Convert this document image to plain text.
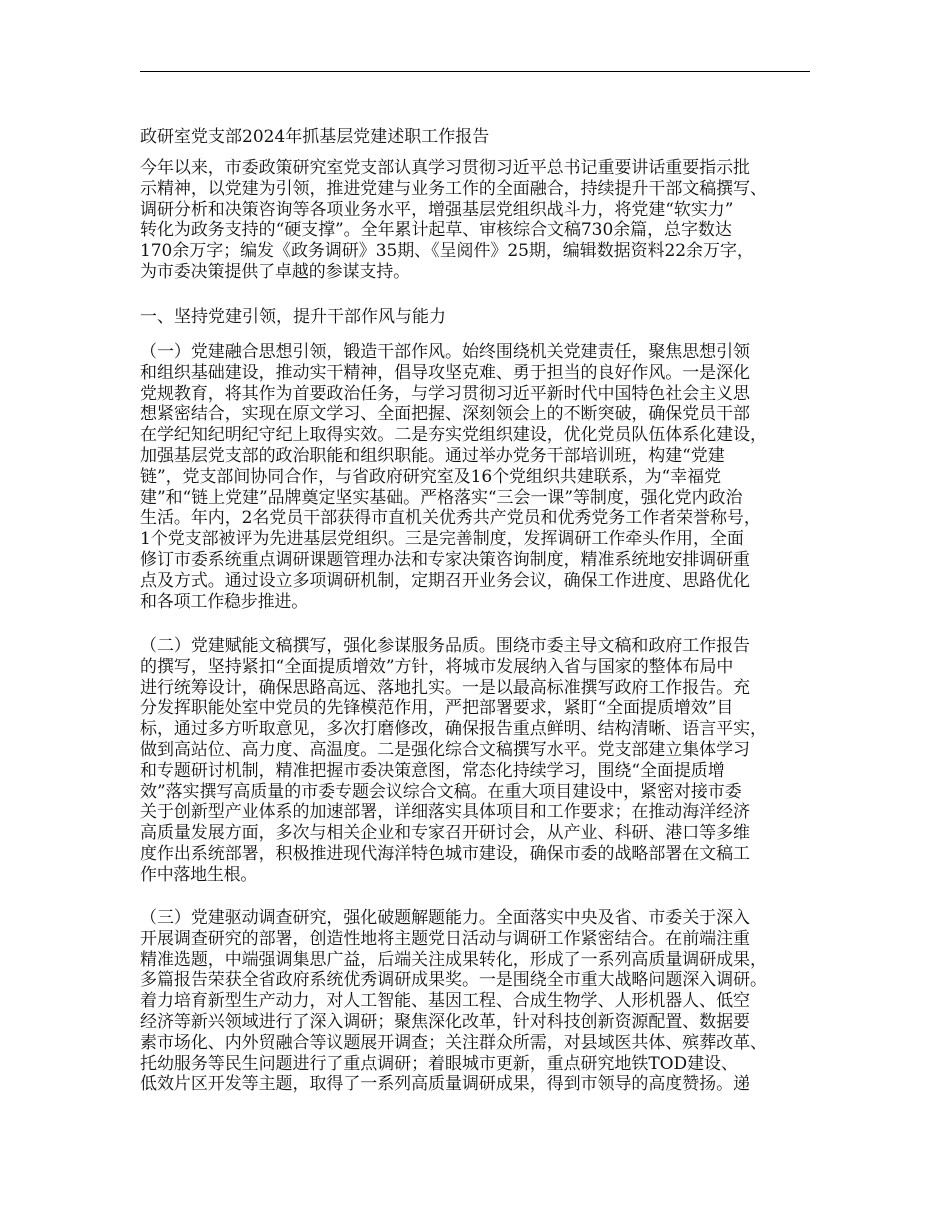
政研室党支部2024年抓基层党建述职工作报告
今年以来，市委政策研究室党支部认真学习贯彻习近平总书记重要讲话重要指示批
示精神，以党建为引领，推进党建与业务工作的全面融合，持续提升干部文稿撰写、
调研分析和决策咨询等各项业务水平，增强基层党组织战斗力，将党建“软实力”
转化为政务支持的“硬支撑”。全年累计起草、审核综合文稿730余篇，总字数达
170余万字；编发《政务调研》35期、《呈阅件》25期，编辑数据资料22余万字，
为市委决策提供了卓越的参谋支持。
一、坚持党建引领，提升干部作风与能力
（一）党建融合思想引领，锻造干部作风。始终围绕机关党建责任，聚焦思想引领
和组织基础建设，推动实干精神，倡导攻坚克难、勇于担当的良好作风。一是深化
党规教育，将其作为首要政治任务，与学习贯彻习近平新时代中国特色社会主义思
想紧密结合，实现在原文学习、全面把握、深刻领会上的不断突破，确保党员干部
在学纪知纪明纪守纪上取得实效。二是夯实党组织建设，优化党员队伍体系化建设，
加强基层党支部的政治职能和组织职能。通过举办党务干部培训班，构建“党建
链”，党支部间协同合作，与省政府研究室及16个党组织共建联系，为“幸福党
建”和“链上党建”品牌奠定坚实基础。严格落实“三会一课”等制度，强化党内政治
生活。年内，2名党员干部获得市直机关优秀共产党员和优秀党务工作者荣誉称号，
1个党支部被评为先进基层党组织。三是完善制度，发挥调研工作牵头作用，全面
修订市委系统重点调研课题管理办法和专家决策咨询制度，精准系统地安排调研重
点及方式。通过设立多项调研机制，定期召开业务会议，确保工作进度、思路优化
和各项工作稳步推进。
（二）党建赋能文稿撰写，强化参谋服务品质。围绕市委主导文稿和政府工作报告
的撰写，坚持紧扣“全面提质增效”方针，将城市发展纳入省与国家的整体布局中
进行统筹设计，确保思路高远、落地扎实。一是以最高标准撰写政府工作报告。充
分发挥职能处室中党员的先锋模范作用，严把部署要求，紧盯“全面提质增效”目
标，通过多方听取意见，多次打磨修改，确保报告重点鲜明、结构清晰、语言平实，
做到高站位、高力度、高温度。二是强化综合文稿撰写水平。党支部建立集体学习
和专题研讨机制，精准把握市委决策意图，常态化持续学习，围绕“全面提质增
效”落实撰写高质量的市委专题会议综合文稿。在重大项目建设中，紧密对接市委
关于创新型产业体系的加速部署，详细落实具体项目和工作要求；在推动海洋经济
高质量发展方面，多次与相关企业和专家召开研讨会，从产业、科研、港口等多维
度作出系统部署，积极推进现代海洋特色城市建设，确保市委的战略部署在文稿工
作中落地生根。
（三）党建驱动调查研究，强化破题解题能力。全面落实中央及省、市委关于深入
开展调查研究的部署，创造性地将主题党日活动与调研工作紧密结合。在前端注重
精准选题，中端强调集思广益，后端关注成果转化，形成了一系列高质量调研成果，
多篇报告荣获全省政府系统优秀调研成果奖。一是围绕全市重大战略问题深入调研。
着力培育新型生产动力，对人工智能、基因工程、合成生物学、人形机器人、低空
经济等新兴领域进行了深入调研；聚焦深化改革，针对科技创新资源配置、数据要
素市场化、内外贸融合等议题展开调查；关注群众所需，对县域医共体、殡葬改革、
托幼服务等民生问题进行了重点调研；着眼城市更新，重点研究地铁TOD建设、
低效片区开发等主题，取得了一系列高质量调研成果，得到市领导的高度赞扬。递
